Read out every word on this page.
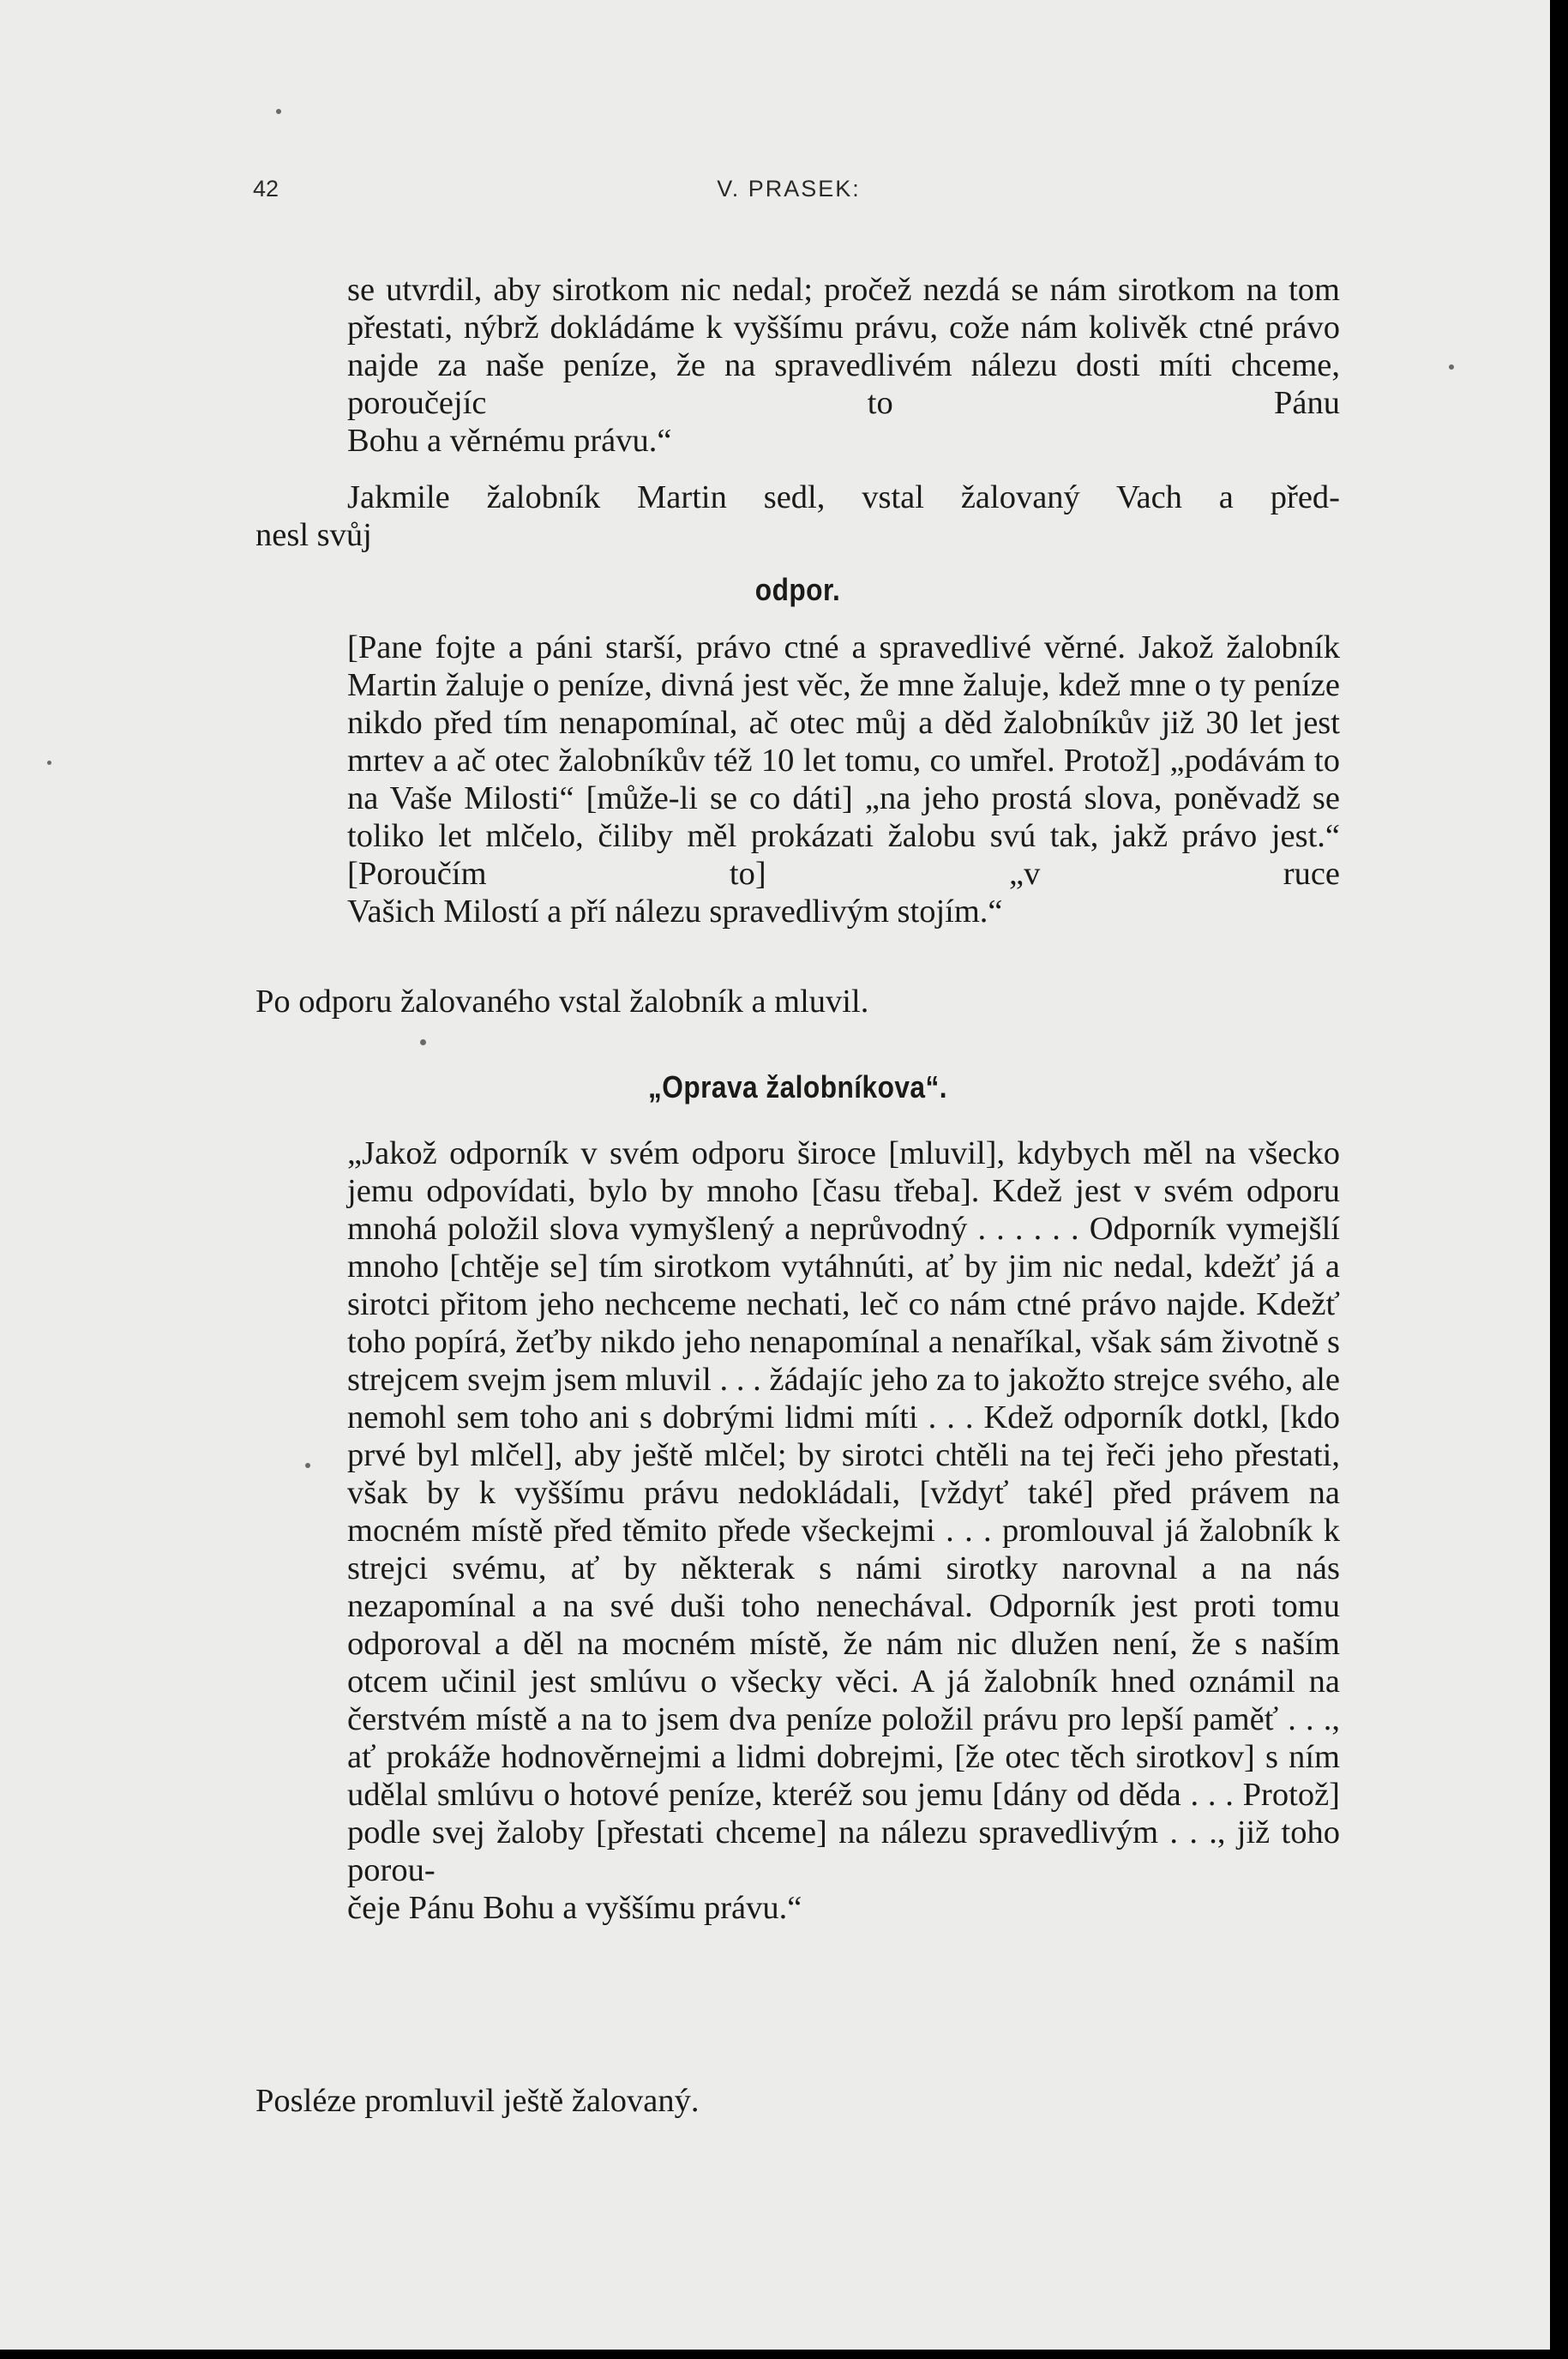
42	V. PRASEK:

se utvrdil, aby sirotkom nic nedal; pročež nezdá se nám sirotkom na tom přestati, nýbrž dokládáme k vyššímu právu, cože nám kolivěk ctné právo najde za naše peníze, že na spravedlivém nálezu dosti míti chceme, poroučejíc to Pánu
Bohu a věrnému právu.“

Jakmile žalobník Martin sedl, vstal žalovaný Vach a před-
nesl svůj

odpor.

[Pane fojte a páni starší, právo ctné a spravedlivé věrné. Jakož žalobník Martin žaluje o peníze, divná jest věc, že mne žaluje, kdež mne o ty peníze nikdo před tím nenapomínal, ač otec můj a děd žalobníkův již 30 let jest mrtev a ač otec žalobníkův též 10 let tomu, co umřel. Protož] „podávám to na Vaše Milosti“ [může-li se co dáti] „na jeho prostá slova, poněvadž se toliko let mlčelo, čiliby měl prokázati žalobu svú tak, jakž právo jest.“ [Poroučím to] „v ruce
Vašich Milostí a pří nálezu spravedlivým stojím.“

Po odporu žalovaného vstal žalobník a mluvil.

„Oprava žalobníkova“.

„Jakož odporník v svém odporu široce [mluvil], kdybych měl na všecko jemu odpovídati, bylo by mnoho [času třeba]. Kdež jest v svém odporu mnohá položil slova vymyšlený a neprůvodný . . . . . . Odporník vymejšlí mnoho [chtěje se] tím sirotkom vytáhnúti, ať by jim nic nedal, kdežť já a sirotci přitom jeho nechceme nechati, leč co nám ctné právo najde. Kdežť toho popírá, žeťby nikdo jeho nenapomínal a nenaříkal, však sám životně s strejcem svejm jsem mluvil . . . žádajíc jeho za to jakožto strejce svého, ale nemohl sem toho ani s dobrými lidmi míti . . . Kdež odporník dotkl, [kdo prvé byl mlčel], aby ještě mlčel; by sirotci chtěli na tej řeči jeho přestati, však by k vyššímu právu nedokládali, [vždyť také] před právem na mocném místě před těmito přede všeckejmi . . . promlouval já žalobník k strejci svému, ať by některak s námi sirotky narovnal a na nás nezapomínal a na své duši toho nenechával. Odporník jest proti tomu odporoval a děl na mocném místě, že nám nic dlužen není, že s naším otcem učinil jest smlúvu o všecky věci. A já žalobník hned oznámil na čerstvém místě a na to jsem dva peníze položil právu pro lepší paměť . . ., ať prokáže hodnověrnejmi a lidmi dobrejmi, [že otec těch sirotkov] s ním udělal smlúvu o hotové peníze, kteréž sou jemu [dány od děda . . . Protož] podle svej žaloby [přestati chceme] na nálezu spravedlivým . . ., již toho porou-
čeje Pánu Bohu a vyššímu právu.“

Posléze promluvil ještě žalovaný.
